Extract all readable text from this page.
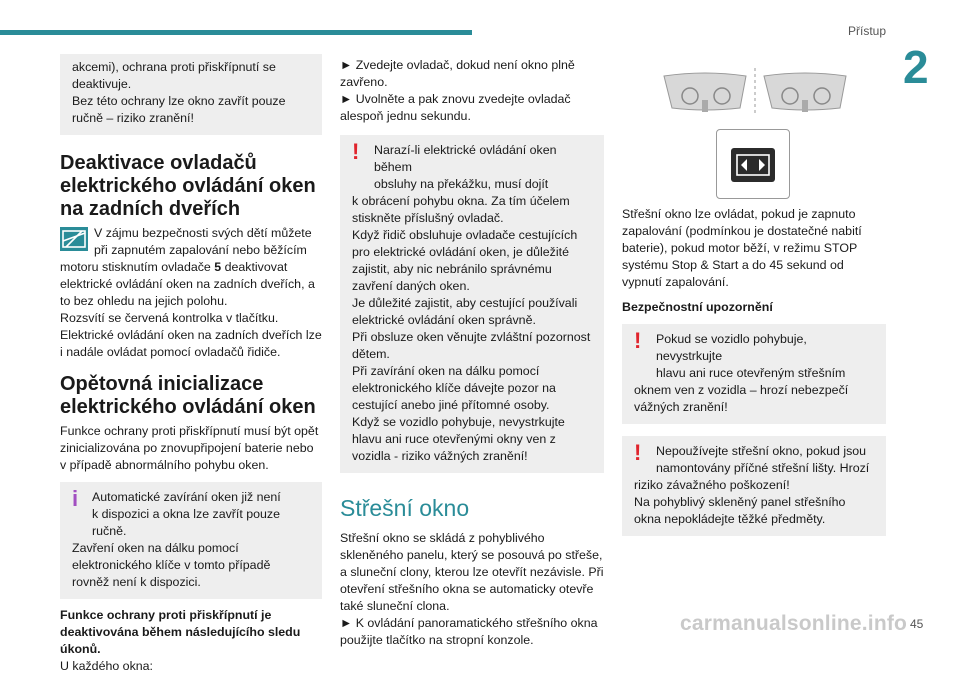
Přístup
2

akcemi), ochrana proti přiskřípnutí se deaktivuje.

Bez této ochrany lze okno zavřít pouze ručně – riziko zranění!

Deaktivace ovladačů elektrického ovládání oken na zadních dveřích

V zájmu bezpečnosti svých dětí můžete

při zapnutém zapalování nebo běžícím

motoru stisknutím ovladače 5 deaktivovat elektrické ovládání oken na zadních dveřích, a to bez ohledu na jejich polohu.

Rozsvítí se červená kontrolka v tlačítku.

Elektrické ovládání oken na zadních dveřích lze i nadále ovládat pomocí ovladačů řidiče.

Opětovná inicializace elektrického ovládání oken

Funkce ochrany proti přiskřípnutí musí být opět zinicializována po znovupřipojení baterie nebo v případě abnormálního pohybu oken.

i	Automatické zavírání oken již není

k dispozici a okna lze zavřít pouze ručně.

Zavření oken na dálku pomocí elektronického klíče v tomto případě rovněž není k dispozici.

Funkce ochrany proti přiskřípnutí je deaktivována během následujícího sledu úkonů.

U každého okna:

► Zvedejte ovladač, dokud není okno plně zavřeno.

► Uvolněte a pak znovu zvedejte ovladač alespoň jednu sekundu.

!	Narazí-li elektrické ovládání oken během

obsluhy na překážku, musí dojít

k obrácení pohybu okna. Za tím účelem stiskněte příslušný ovladač.

Když řidič obsluhuje ovladače cestujících pro elektrické ovládání oken, je důležité zajistit, aby nic nebránilo správnému zavření daných oken.

Je důležité zajistit, aby cestující používali elektrické ovládání oken správně.

Při obsluze oken věnujte zvláštní pozornost dětem.

Při zavírání oken na dálku pomocí elektronického klíče dávejte pozor na cestující anebo jiné přítomné osoby.

Když se vozidlo pohybuje, nevystrkujte hlavu ani ruce otevřenými okny ven z vozidla - riziko vážných zranění!

Střešní okno

Střešní okno se skládá z pohyblivého skleněného panelu, který se posouvá po střeše, a sluneční clony, kterou lze otevřít nezávisle. Při otevření střešního okna se automaticky otevře také sluneční clona.

► K ovládání panoramatického střešního okna použijte tlačítko na stropní konzole.

Střešní okno lze ovládat, pokud je zapnuto zapalování (podmínkou je dostatečné nabití baterie), pokud motor běží, v režimu STOP systému Stop & Start a do 45 sekund od vypnutí zapalování.

Bezpečnostní upozornění

!	Pokud se vozidlo pohybuje, nevystrkujte

hlavu ani ruce otevřeným střešním

oknem ven z vozidla – hrozí nebezpečí vážných zranění!

!	Nepoužívejte střešní okno, pokud jsou

namontovány příčné střešní lišty. Hrozí

riziko závažného poškození!

Na pohyblivý skleněný panel střešního okna nepokládejte těžké předměty.

carmanualsonline.info 45
